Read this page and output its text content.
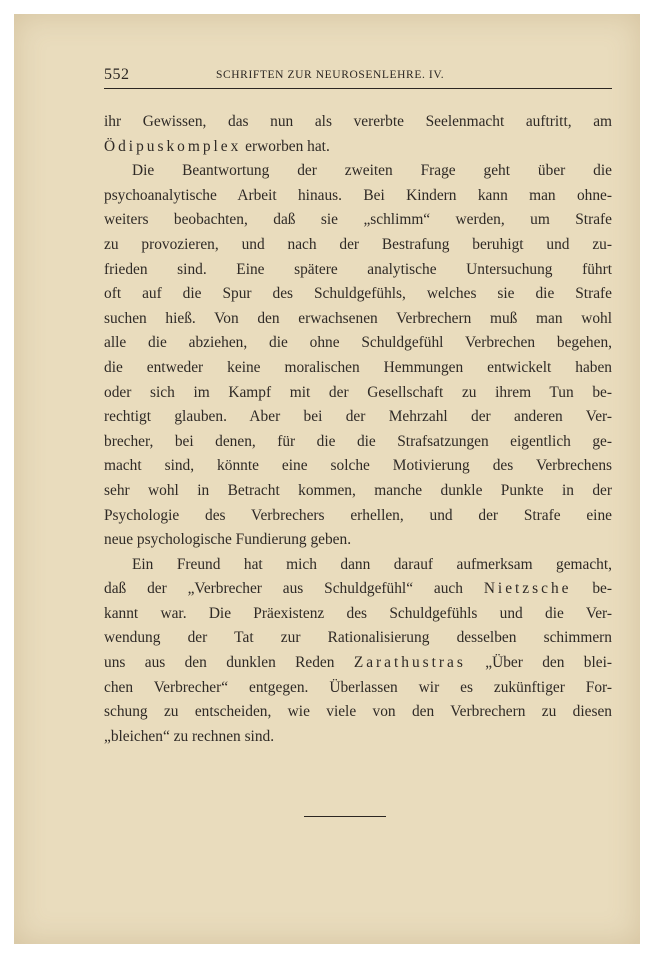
552	SCHRIFTEN ZUR NEUROSENLEHRE. IV.
ihr Gewissen, das nun als vererbte Seelenmacht auftritt, am
Ödipuskomplex erworben hat.
Die Beantwortung der zweiten Frage geht über die
psychoanalytische Arbeit hinaus. Bei Kindern kann man ohne-
weiters beobachten, daß sie „schlimm“ werden, um Strafe
zu provozieren, und nach der Bestrafung beruhigt und zu-
frieden sind. Eine spätere analytische Untersuchung führt
oft auf die Spur des Schuldgefühls, welches sie die Strafe
suchen hieß. Von den erwachsenen Verbrechern muß man wohl
alle die abziehen, die ohne Schuldgefühl Verbrechen begehen,
die entweder keine moralischen Hemmungen entwickelt haben
oder sich im Kampf mit der Gesellschaft zu ihrem Tun be-
rechtigt glauben. Aber bei der Mehrzahl der anderen Ver-
brecher, bei denen, für die die Strafsatzungen eigentlich ge-
macht sind, könnte eine solche Motivierung des Verbrechens
sehr wohl in Betracht kommen, manche dunkle Punkte in der
Psychologie des Verbrechers erhellen, und der Strafe eine
neue psychologische Fundierung geben.
Ein Freund hat mich dann darauf aufmerksam gemacht,
daß der „Verbrecher aus Schuldgefühl“ auch Nietzsche be-
kannt war. Die Präexistenz des Schuldgefühls und die Ver-
wendung der Tat zur Rationalisierung desselben schimmern
uns aus den dunklen Reden Zarathustras „Über den blei-
chen Verbrecher“ entgegen. Überlassen wir es zukünftiger For-
schung zu entscheiden, wie viele von den Verbrechern zu diesen
„bleichen“ zu rechnen sind.
